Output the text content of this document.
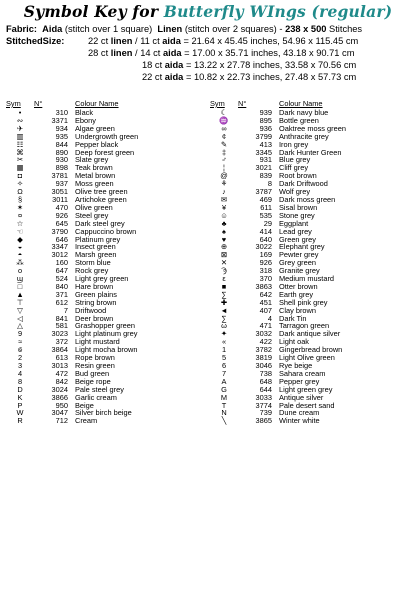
Symbol Key for Butterfly WIngs (regular)
Fabric: Aida (stitch over 1 square) Linen (stitch over 2 squares) - 238 x 500 Stitches
StitchedSize:	22 ct linen / 11 ct aida = 21.64 x 45.45 inches, 54.96 x 115.45 cm
28 ct linen / 14 ct aida = 17.00 x 35.71 inches, 43.18 x 90.71 cm
18 ct aida = 13.22 x 27.78 inches, 33.58 x 70.56 cm
22 ct aida = 10.82 x 22.73 inches, 27.48 x 57.73 cm
Sym	N°	Colour Name
•	310	Black
∾	3371	Ebony
✈	934	Algae green
▥	935	Undergrowth green
☷	844	Pepper black
⌘	890	Deep forest green
✂	930	Slate grey
▦	898	Teak brown
◘	3781	Metal brown
✧	937	Moss green
Ω	3051	Olive tree green
§	3011	Artichoke green
✶	470	Olive green
¤	926	Steel grey
☆	645	Dark steel grey
☜	3790	Cappuccino brown
◆	646	Platinum grey
◒	3347	Insect green
◓	3012	Marsh green
⁂	160	Storm blue
o	647	Rock grey
ϣ	524	Light grey green
□	840	Hare brown
▲	371	Green plains
⊤	612	String brown
▽	7	Driftwood
◁	841	Deer brown
△	581	Grashopper green
9	3023	Light platinum grey
≈	372	Light mustard
⟃	3864	Light mocha brown
2	613	Rope brown
3	3013	Resin green
4	472	Bud green
8	842	Beige rope
D	3024	Pale steel grey
K	3866	Garlic cream
P	950	Beige
W	3047	Silver birch beige
R	712	Cream
Sym	N°	Colour Name
☾	939	Dark navy blue
♒	895	Bottle green
∞	936	Oaktree moss green
¢	3799	Anthracite grey
✎	413	Iron grey
‡	3345	Dark Hunter Green
♂	931	Blue grey
¦	3021	Cliff grey
@	839	Root brown
⚘	8	Dark Driftwood
♪	3787	Wolf grey
✉	469	Dark moss green
¥	611	Sisal brown
☺	535	Stone grey
♣	29	Eggplant
♠	414	Lead grey
♥	640	Green grey
⊕	3022	Elephant grey
⊠	169	Pewter grey
✕	926	Grey green
Ϡ	318	Granite grey
ε	370	Medium mustard
■	3863	Otter brown
∑	642	Earth grey
✚	451	Shell pink grey
◄	407	Clay brown
∑	4	Dark Tin
ω	471	Tarragon green
✦	3032	Dark antique silver
«	422	Light oak
1	3782	Gingerbread brown
5	3819	Light Olive green
6	3046	Rye beige
7	738	Sahara cream
A	648	Pepper grey
G	644	Light green grey
M	3033	Antique silver
T	3774	Pale desert sand
N	739	Dune cream
╲	3865	Winter white
